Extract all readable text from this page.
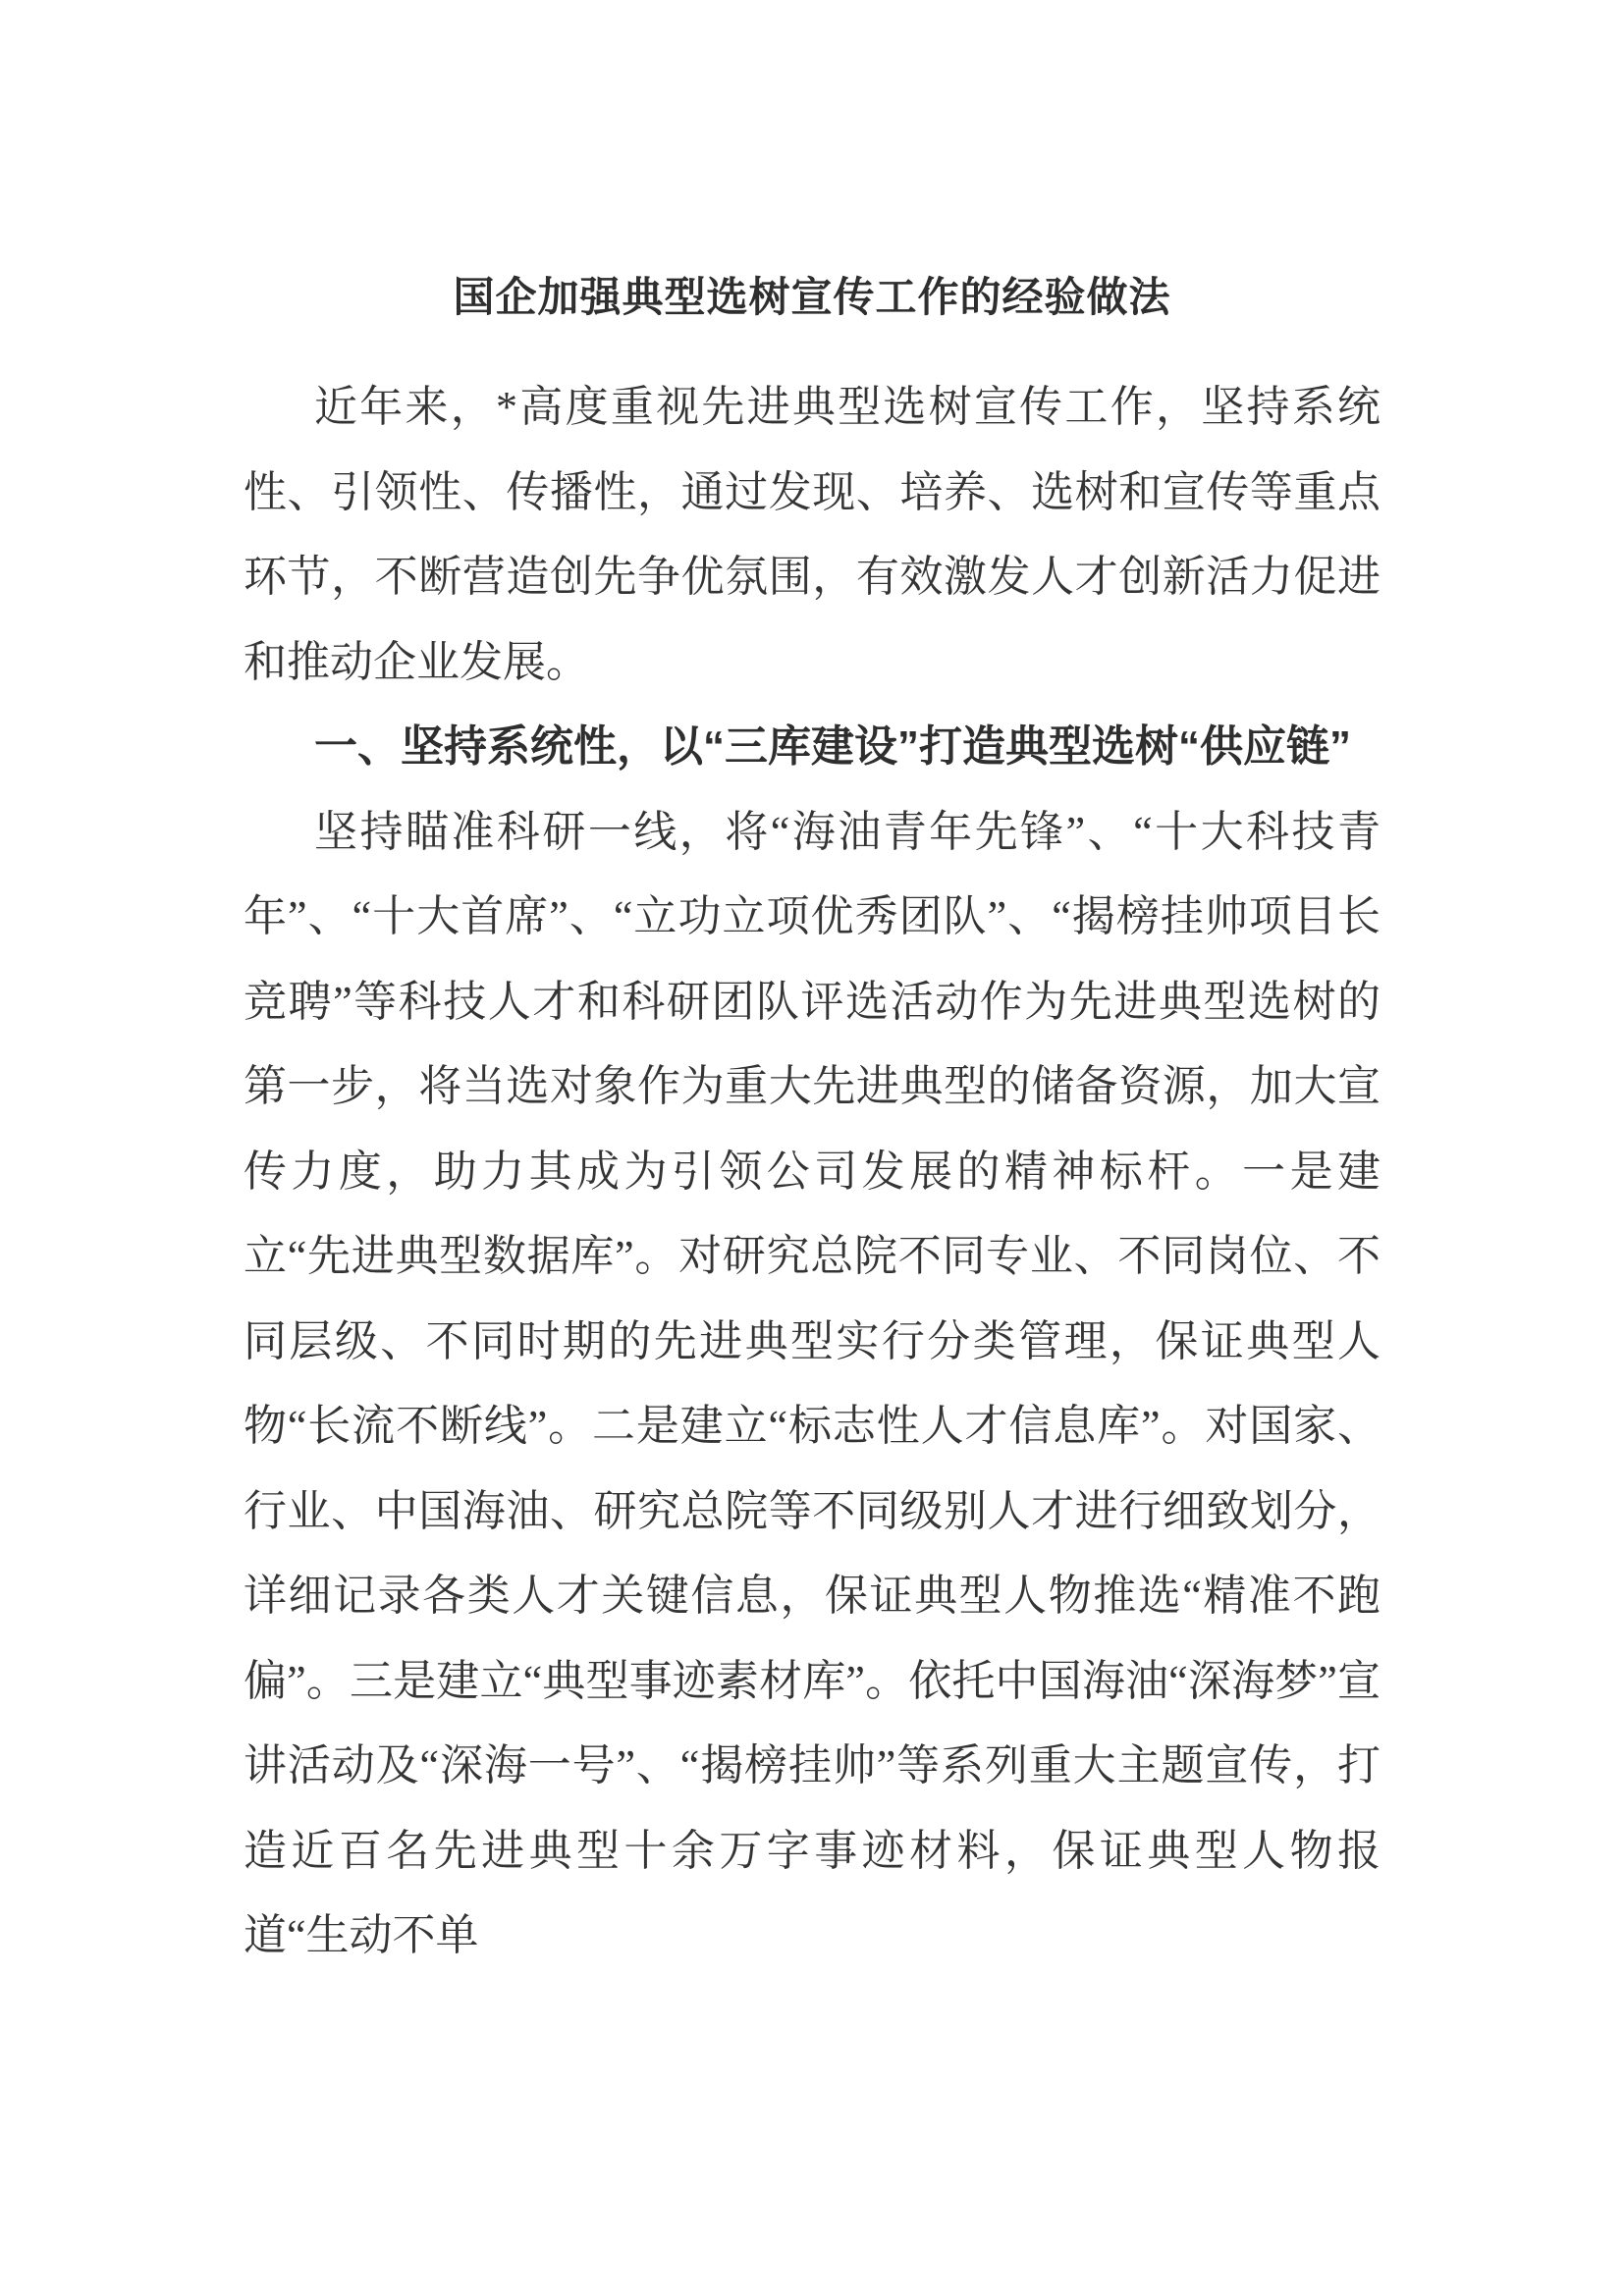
国企加强典型选树宣传工作的经验做法

近年来，*高度重视先进典型选树宣传工作，坚持系统性、引领性、传播性，通过发现、培养、选树和宣传等重点环节，不断营造创先争优氛围，有效激发人才创新活力促进和推动企业发展。

一、坚持系统性，以“三库建设”打造典型选树“供应链”

坚持瞄准科研一线，将“海油青年先锋”、“十大科技青年”、“十大首席”、“立功立项优秀团队”、“揭榜挂帅项目长竞聘”等科技人才和科研团队评选活动作为先进典型选树的第一步，将当选对象作为重大先进典型的储备资源，加大宣传力度，助力其成为引领公司发展的精神标杆。一是建立“先进典型数据库”。对研究总院不同专业、不同岗位、不同层级、不同时期的先进典型实行分类管理，保证典型人物“长流不断线”。二是建立“标志性人才信息库”。对国家、行业、中国海油、研究总院等不同级别人才进行细致划分，详细记录各类人才关键信息，保证典型人物推选“精准不跑偏”。三是建立“典型事迹素材库”。依托中国海油“深海梦”宣讲活动及“深海一号”、“揭榜挂帅”等系列重大主题宣传，打造近百名先进典型十余万字事迹材料，保证典型人物报道“生动不单
